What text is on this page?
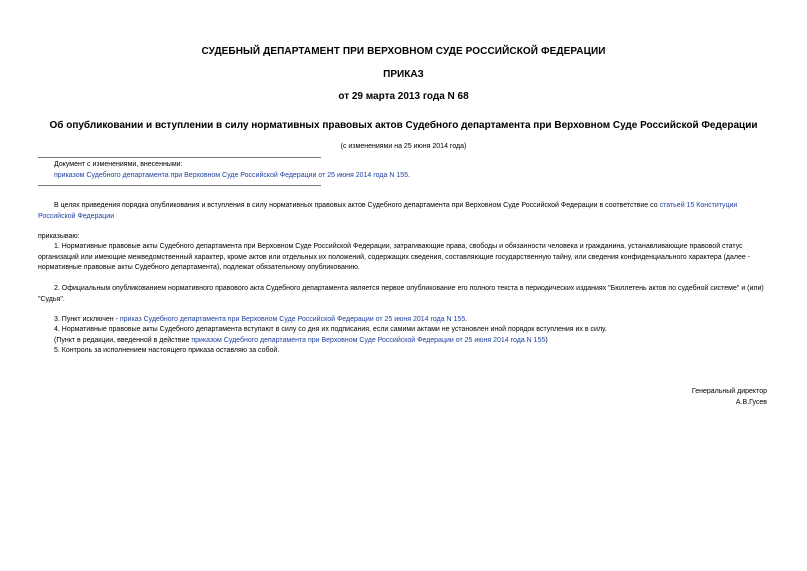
СУДЕБНЫЙ ДЕПАРТАМЕНТ ПРИ ВЕРХОВНОМ СУДЕ РОССИЙСКОЙ ФЕДЕРАЦИИ
ПРИКАЗ
от 29 марта 2013 года N 68
Об опубликовании и вступлении в силу нормативных правовых актов Судебного департамента при Верховном Суде Российской Федерации
(с изменениями на 25 июня 2014 года)
Документ с изменениями, внесенными:
приказом Судебного департамента при Верховном Суде Российской Федерации от 25 июня 2014 года N 155.

В целях приведения порядка опубликования и вступления в силу нормативных правовых актов Судебного департамента при Верховном Суде Российской Федерации в соответствие со статьей 15 Конституции Российской Федерации

приказываю:

1. Нормативные правовые акты Судебного департамента при Верховном Суде Российской Федерации, затрагивающие права, свободы и обязанности человека и гражданина, устанавливающие правовой статус организаций или имеющие межведомственный характер, кроме актов или отдельных их положений, содержащих сведения, составляющие государственную тайну, или сведения конфиденциального характера (далее - нормативные правовые акты Судебного департамента), подлежат обязательному опубликованию.

2. Официальным опубликованием нормативного правового акта Судебного департамента является первое опубликование его полного текста в периодических изданиях "Бюллетень актов по судебной системе" и (или) "Судья".

3. Пункт исключен - приказ Судебного департамента при Верховном Суде Российской Федерации от 25 июня 2014 года N 155.

4. Нормативные правовые акты Судебного департамента вступают в силу со дня их подписания, если самими актами не установлен иной порядок вступления их в силу.

(Пункт в редакции, введенной в действие приказом Судебного департамента при Верховном Суде Российской Федерации от 25 июня 2014 года N 155)

5. Контроль за исполнением настоящего приказа оставляю за собой.

Генеральный директор
А.В.Гусев
